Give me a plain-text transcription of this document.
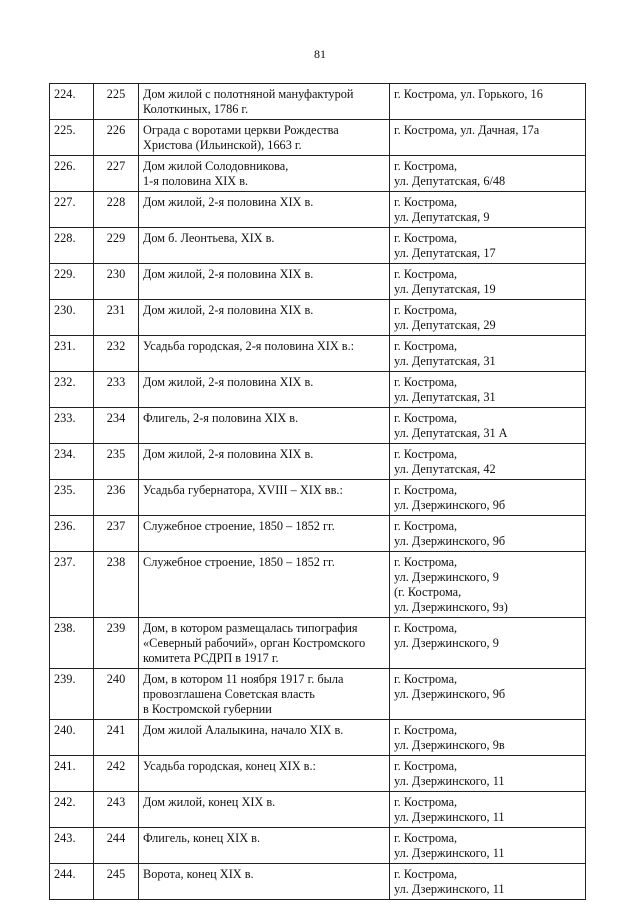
81
224.	225	Дом жилой с полотняной мануфактурой
Колоткиных, 1786 г.	г. Кострома, ул. Горького, 16

225.	226	Ограда с воротами церкви Рождества
Христова (Ильинской), 1663 г.	г. Кострома, ул. Дачная, 17а

226.	227	Дом жилой Солодовникова,
1-я половина XIX в.	г. Кострома,
ул. Депутатская, 6/48

227.	228	Дом жилой, 2-я половина XIX в.	г. Кострома,
ул. Депутатская, 9

228.	229	Дом б. Леонтьева, XIX в.	г. Кострома,
ул. Депутатская, 17

229.	230	Дом жилой, 2-я половина XIX в.	г. Кострома,
ул. Депутатская, 19

230.	231	Дом жилой, 2-я половина XIX в.	г. Кострома,
ул. Депутатская, 29

231.	232	Усадьба городская, 2-я половина XIX в.:	г. Кострома,
ул. Депутатская, 31

232.	233	Дом жилой, 2-я половина XIX в.	г. Кострома,
ул. Депутатская, 31

233.	234	Флигель, 2-я половина XIX в.	г. Кострома,
ул. Депутатская, 31 А

234.	235	Дом жилой, 2-я половина XIX в.	г. Кострома,
ул. Депутатская, 42

235.	236	Усадьба губернатора, XVIII – XIX вв.:	г. Кострома,
ул. Дзержинского, 9б

236.	237	Служебное строение, 1850 – 1852 гг.	г. Кострома,
ул. Дзержинского, 9б

237.	238	Служебное строение, 1850 – 1852 гг.	г. Кострома,
ул. Дзержинского, 9
(г. Кострома,
ул. Дзержинского, 9з)

238.	239	Дом, в котором размещалась типография
«Северный рабочий», орган Костромского
комитета РСДРП в 1917 г.	г. Кострома,
ул. Дзержинского, 9

239.	240	Дом, в котором 11 ноября 1917 г. была
провозглашена Советская власть
в Костромской губернии	г. Кострома,
ул. Дзержинского, 9б

240.	241	Дом жилой Алалыкина, начало XIX в.	г. Кострома,
ул. Дзержинского, 9в

241.	242	Усадьба городская, конец XIX в.:	г. Кострома,
ул. Дзержинского, 11

242.	243	Дом жилой, конец XIX в.	г. Кострома,
ул. Дзержинского, 11

243.	244	Флигель, конец XIX в.	г. Кострома,
ул. Дзержинского, 11

244.	245	Ворота, конец XIX в.	г. Кострома,
ул. Дзержинского, 11
